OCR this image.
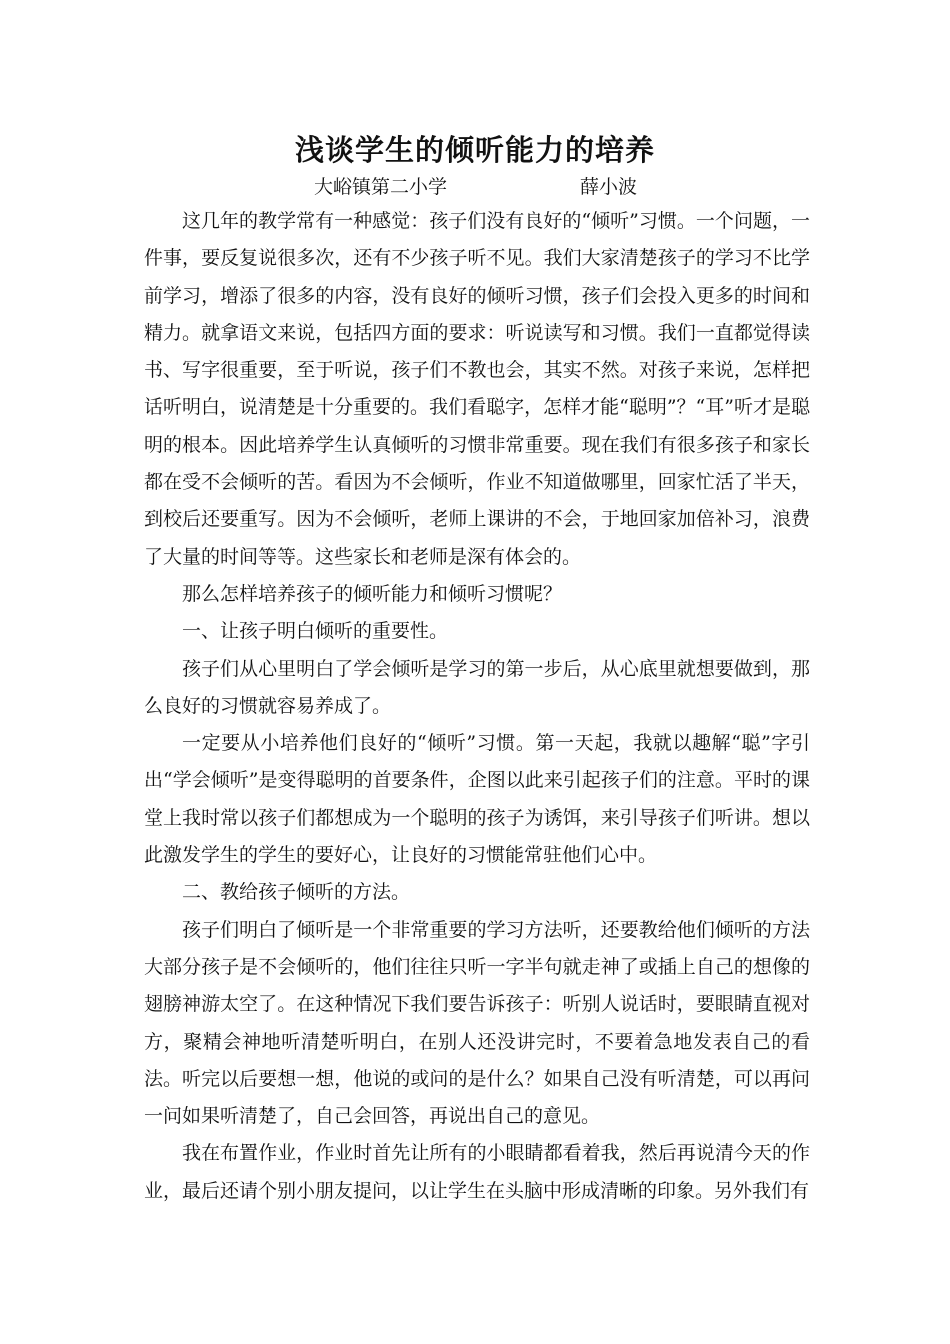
浅谈学生的倾听能力的培养
大峪镇第二小学	薛小波

这几年的教学常有一种感觉：孩子们没有良好的“倾听”习惯。一个问题，一件事，要反复说很多次，还有不少孩子听不见。我们大家清楚孩子的学习不比学前学习，增添了很多的内容，没有良好的倾听习惯，孩子们会投入更多的时间和精力。就拿语文来说，包括四方面的要求：听说读写和习惯。我们一直都觉得读书、写字很重要，至于听说，孩子们不教也会，其实不然。对孩子来说，怎样把话听明白，说清楚是十分重要的。我们看聪字，怎样才能“聪明”？“耳”听才是聪明的根本。因此培养学生认真倾听的习惯非常重要。现在我们有很多孩子和家长都在受不会倾听的苦。看因为不会倾听，作业不知道做哪里，回家忙活了半天，到校后还要重写。因为不会倾听，老师上课讲的不会，于地回家加倍补习，浪费了大量的时间等等。这些家长和老师是深有体会的。

那么怎样培养孩子的倾听能力和倾听习惯呢？

一、让孩子明白倾听的重要性。

孩子们从心里明白了学会倾听是学习的第一步后，从心底里就想要做到，那么良好的习惯就容易养成了。

一定要从小培养他们良好的“倾听”习惯。第一天起，我就以趣解“聪”字引出“学会倾听”是变得聪明的首要条件，企图以此来引起孩子们的注意。平时的课堂上我时常以孩子们都想成为一个聪明的孩子为诱饵，来引导孩子们听讲。想以此激发学生的学生的要好心，让良好的习惯能常驻他们心中。

二、教给孩子倾听的方法。

孩子们明白了倾听是一个非常重要的学习方法听，还要教给他们倾听的方法大部分孩子是不会倾听的，他们往往只听一字半句就走神了或插上自己的想像的翅膀神游太空了。在这种情况下我们要告诉孩子：听别人说话时，要眼睛直视对方，聚精会神地听清楚听明白，在别人还没讲完时，不要着急地发表自己的看法。听完以后要想一想，他说的或问的是什么？如果自己没有听清楚，可以再问一问如果听清楚了，自己会回答，再说出自己的意见。

我在布置作业，作业时首先让所有的小眼睛都看着我，然后再说清今天的作业，最后还请个别小朋友提问，以让学生在头脑中形成清晰的印象。另外我们有
